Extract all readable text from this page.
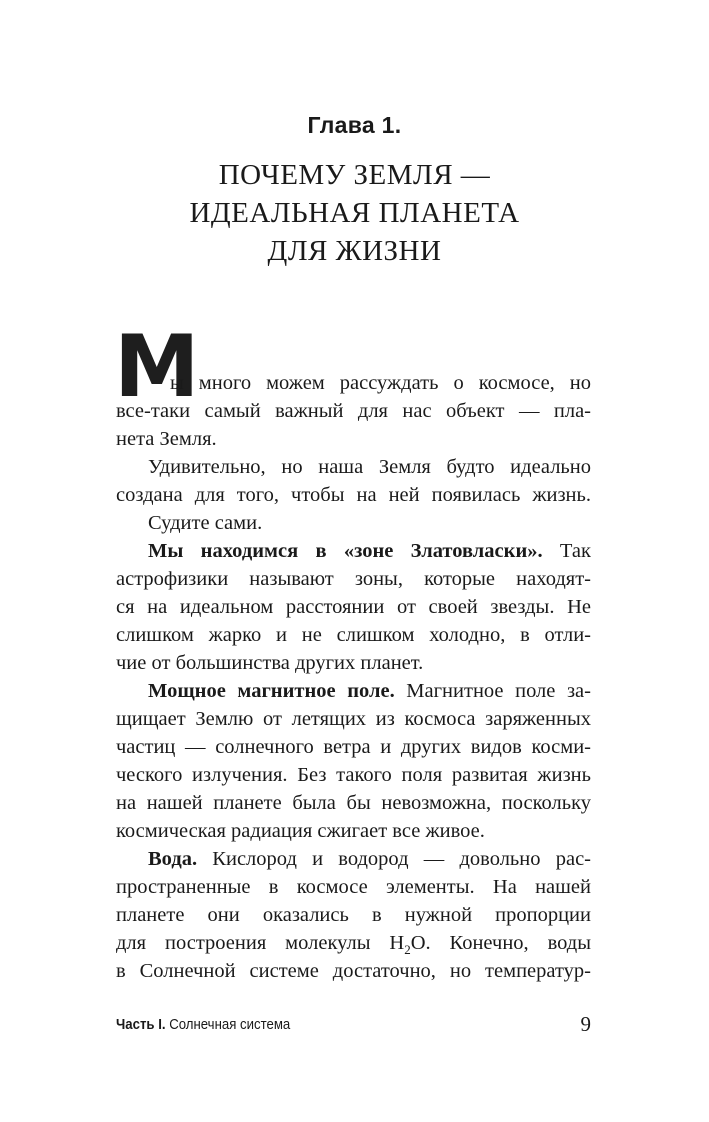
Глава 1.
ПОЧЕМУ ЗЕМЛЯ —
ИДЕАЛЬНАЯ ПЛАНЕТА
ДЛЯ ЖИЗНИ
М
ы много можем рассуждать о космосе, но
все-таки самый важный для нас объект — пла-
нета Земля.
Удивительно, но наша Земля будто идеально
создана для того, чтобы на ней появилась жизнь.
Судите сами.
Мы находимся в «зоне Златовласки». Так
астрофизики называют зоны, которые находят-
ся на идеальном расстоянии от своей звезды. Не
слишком жарко и не слишком холодно, в отли-
чие от большинства других планет.
Мощное магнитное поле. Магнитное поле за-
щищает Землю от летящих из космоса заряженных
частиц — солнечного ветра и других видов косми-
ческого излучения. Без такого поля развитая жизнь
на нашей планете была бы невозможна, поскольку
космическая радиация сжигает все живое.
Вода. Кислород и водород — довольно рас-
пространенные в космосе элементы. На нашей
планете они оказались в нужной пропорции
для построения молекулы $Н_2О$. Конечно, воды
в Солнечной системе достаточно, но температур-
Часть I. Солнечная система	9
